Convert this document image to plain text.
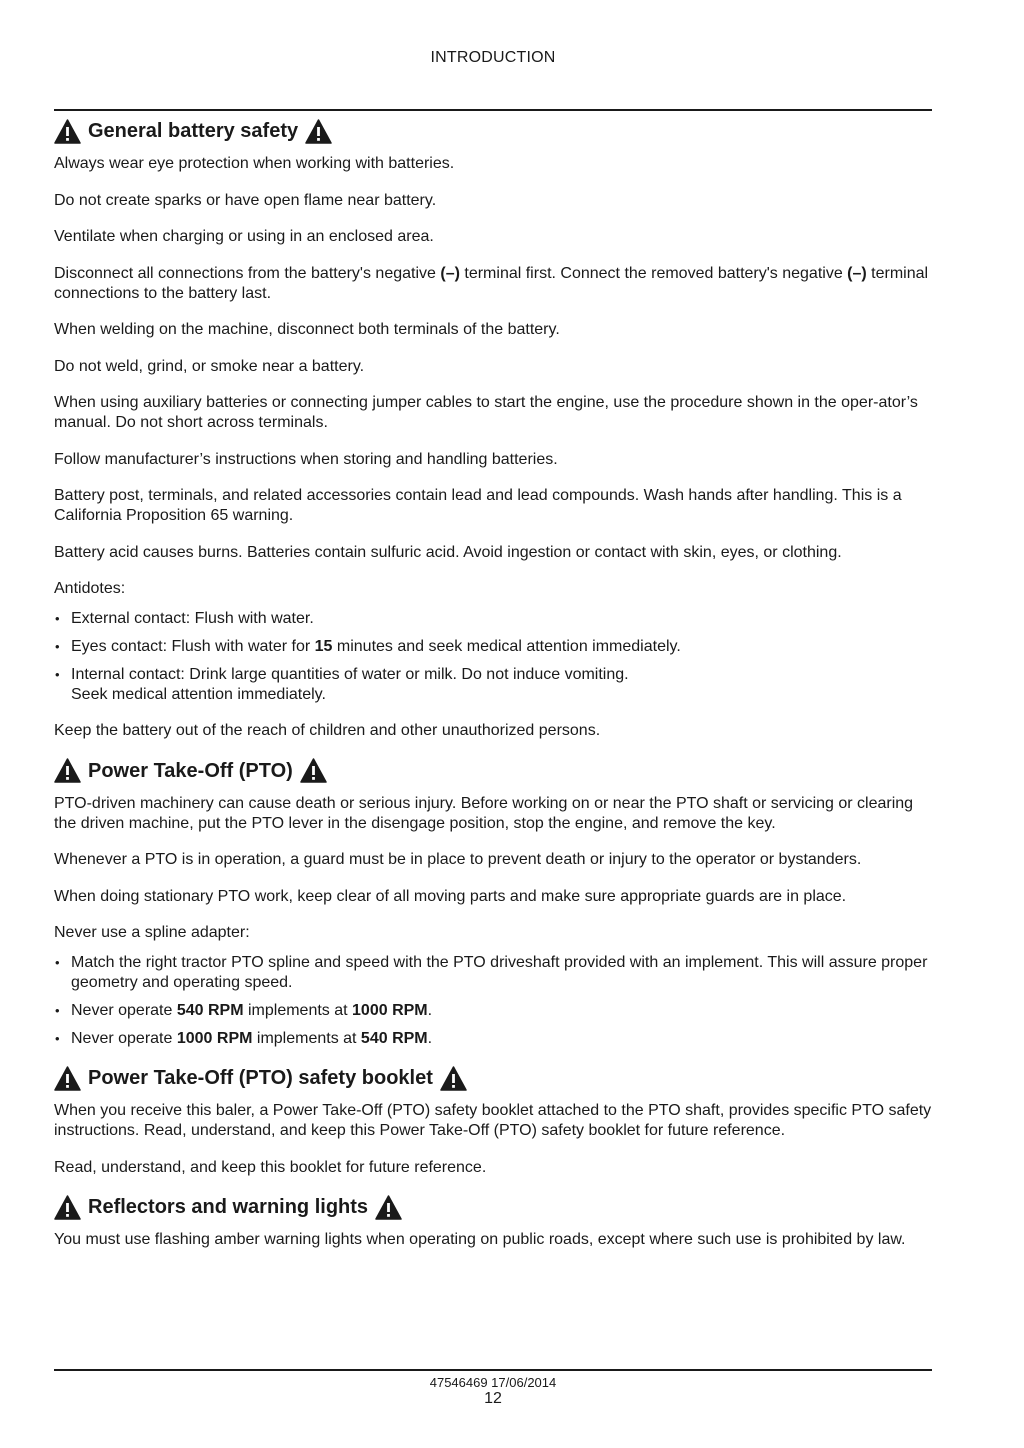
INTRODUCTION
General battery safety

Always wear eye protection when working with batteries.

Do not create sparks or have open flame near battery.

Ventilate when charging or using in an enclosed area.

Disconnect all connections from the battery's negative (–) terminal first. Connect the removed battery's negative (–) terminal connections to the battery last.

When welding on the machine, disconnect both terminals of the battery.

Do not weld, grind, or smoke near a battery.

When using auxiliary batteries or connecting jumper cables to start the engine, use the procedure shown in the oper-ator’s manual. Do not short across terminals.

Follow manufacturer’s instructions when storing and handling batteries.

Battery post, terminals, and related accessories contain lead and lead compounds. Wash hands after handling. This is a California Proposition 65 warning.

Battery acid causes burns. Batteries contain sulfuric acid. Avoid ingestion or contact with skin, eyes, or clothing.

Antidotes:

• External contact: Flush with water.
• Eyes contact: Flush with water for 15 minutes and seek medical attention immediately.
• Internal contact: Drink large quantities of water or milk. Do not induce vomiting.
Seek medical attention immediately.

Keep the battery out of the reach of children and other unauthorized persons.

Power Take-Off (PTO)

PTO-driven machinery can cause death or serious injury. Before working on or near the PTO shaft or servicing or clearing the driven machine, put the PTO lever in the disengage position, stop the engine, and remove the key.

Whenever a PTO is in operation, a guard must be in place to prevent death or injury to the operator or bystanders.

When doing stationary PTO work, keep clear of all moving parts and make sure appropriate guards are in place.

Never use a spline adapter:

• Match the right tractor PTO spline and speed with the PTO driveshaft provided with an implement. This will assure proper geometry and operating speed.
• Never operate 540 RPM implements at 1000 RPM.
• Never operate 1000 RPM implements at 540 RPM.
Power Take-Off (PTO) safety booklet

When you receive this baler, a Power Take-Off (PTO) safety booklet attached to the PTO shaft, provides specific PTO safety instructions. Read, understand, and keep this Power Take-Off (PTO) safety booklet for future reference.

Read, understand, and keep this booklet for future reference.

Reflectors and warning lights

You must use flashing amber warning lights when operating on public roads, except where such use is prohibited by law.

47546469 17/06/2014
12
